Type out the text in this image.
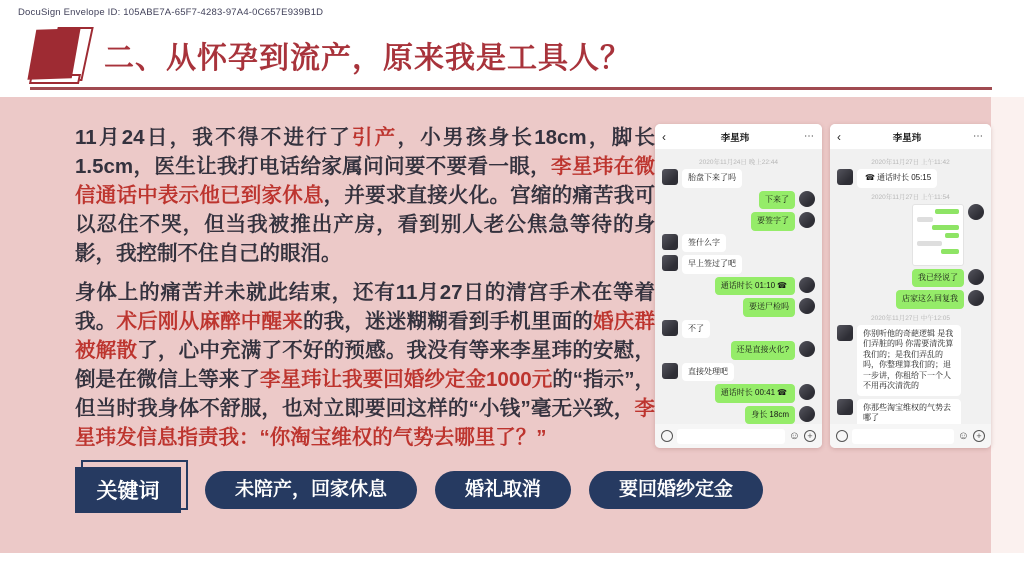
DocuSign Envelope ID: 105ABE7A-65F7-4283-97A4-0C657E939B1D
二、从怀孕到流产，原来我是工具人？

11月24日，我不得不进行了引产，小男孩身长18cm，脚长1.5cm，医生让我打电话给家属问问要不要看一眼，李星玮在微信通话中表示他已到家休息，并要求直接火化。宫缩的痛苦我可以忍住不哭，但当我被推出产房，看到别人老公焦急等待的身影，我控制不住自己的眼泪。

身体上的痛苦并未就此结束，还有11月27日的清宫手术在等着我。术后刚从麻醉中醒来的我，迷迷糊糊看到手机里面的婚庆群被解散了，心中充满了不好的预感。我没有等来李星玮的安慰，倒是在微信上等来了李星玮让我要回婚纱定金1000元的“指示”，但当时我身体不舒服，也对立即要回这样的“小钱”毫无兴致，李星玮发信息指责我：“你淘宝维权的气势去哪里了？”

关键词	未陪产，回家休息	婚礼取消	要回婚纱定金
‹	李星玮	⋯
2020年11月24日 晚上22:44
胎盘下来了吗
下来了
要签字了
签什么字
早上签过了吧
通话时长 01:10 ☎
要送尸检吗
不了
还是直接火化?
直接处理吧
通话时长 00:41 ☎
身长 18cm
☺ +
‹	李星玮	⋯
2020年11月27日 上午11:42
☎ 通话时长 05:15
2020年11月27日 上午11:54
我已经说了
店家这么回复我
2020年11月27日 中午12:05
你别听他的奇葩逻辑 是我们弄脏的吗 你需要清洗算我们的；是我们弄乱的吗，你整理算我们的；退一步讲，你租给下一个人不用再次清洗的
你那些淘宝维权的气势去哪了
☺ +
